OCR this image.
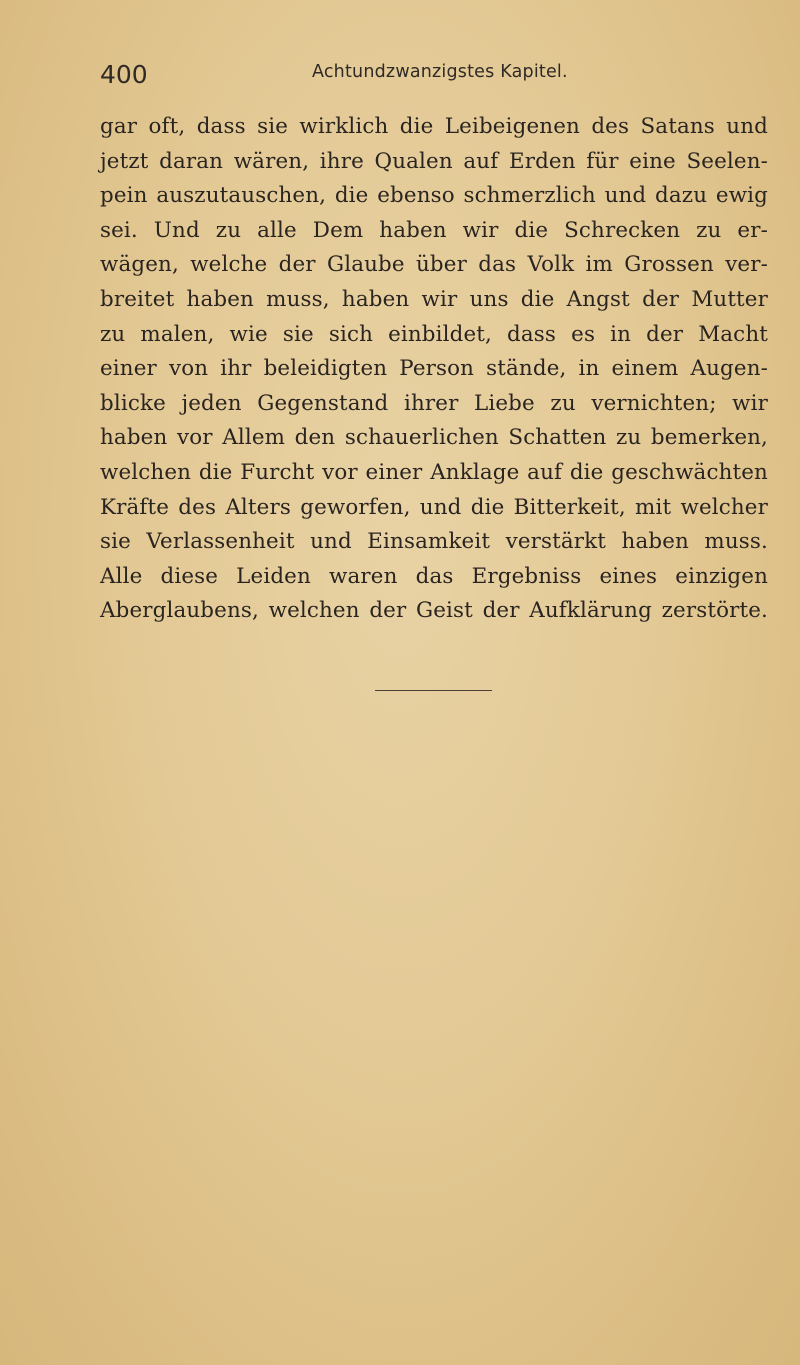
400	Achtundzwanzigstes Kapitel.
gar oft, dass sie wirklich die Leibeigenen des Satans und
jetzt daran wären, ihre Qualen auf Erden für eine Seelen-
pein auszutauschen, die ebenso schmerzlich und dazu ewig
sei. Und zu alle Dem haben wir die Schrecken zu er-
wägen, welche der Glaube über das Volk im Grossen ver-
breitet haben muss, haben wir uns die Angst der Mutter
zu malen, wie sie sich einbildet, dass es in der Macht
einer von ihr beleidigten Person stände, in einem Augen-
blicke jeden Gegenstand ihrer Liebe zu vernichten; wir
haben vor Allem den schauerlichen Schatten zu bemerken,
welchen die Furcht vor einer Anklage auf die geschwächten
Kräfte des Alters geworfen, und die Bitterkeit, mit welcher
sie Verlassenheit und Einsamkeit verstärkt haben muss.
Alle diese Leiden waren das Ergebniss eines einzigen
Aberglaubens, welchen der Geist der Aufklärung zerstörte.
